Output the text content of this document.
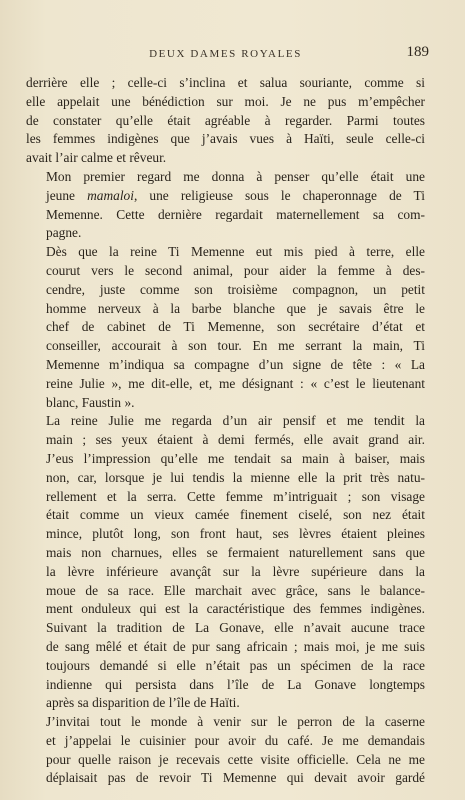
DEUX DAMES ROYALES	189

derrière elle ; celle-ci s’inclina et salua souriante, comme si
elle appelait une bénédiction sur moi. Je ne pus m’empêcher
de constater qu’elle était agréable à regarder. Parmi toutes
les femmes indigènes que j’avais vues à Haïti, seule celle-ci
avait l’air calme et rêveur.

Mon premier regard me donna à penser qu’elle était une
jeune mamaloi, une religieuse sous le chaperonnage de Ti
Memenne. Cette dernière regardait maternellement sa com-
pagne.

Dès que la reine Ti Memenne eut mis pied à terre, elle
courut vers le second animal, pour aider la femme à des-
cendre, juste comme son troisième compagnon, un petit
homme nerveux à la barbe blanche que je savais être le
chef de cabinet de Ti Memenne, son secrétaire d’état et
conseiller, accourait à son tour. En me serrant la main, Ti
Memenne m’indiqua sa compagne d’un signe de tête : « La
reine Julie », me dit-elle, et, me désignant : « c’est le lieutenant
blanc, Faustin ».

La reine Julie me regarda d’un air pensif et me tendit la
main ; ses yeux étaient à demi fermés, elle avait grand air.
J’eus l’impression qu’elle me tendait sa main à baiser, mais
non, car, lorsque je lui tendis la mienne elle la prit très natu-
rellement et la serra. Cette femme m’intriguait ; son visage
était comme un vieux camée finement ciselé, son nez était
mince, plutôt long, son front haut, ses lèvres étaient pleines
mais non charnues, elles se fermaient naturellement sans que
la lèvre inférieure avançât sur la lèvre supérieure dans la
moue de sa race. Elle marchait avec grâce, sans le balance-
ment onduleux qui est la caractéristique des femmes indigènes.
Suivant la tradition de La Gonave, elle n’avait aucune trace
de sang mêlé et était de pur sang africain ; mais moi, je me suis
toujours demandé si elle n’était pas un spécimen de la race
indienne qui persista dans l’île de La Gonave longtemps
après sa disparition de l’île de Haïti.

J’invitai tout le monde à venir sur le perron de la caserne
et j’appelai le cuisinier pour avoir du café. Je me demandais
pour quelle raison je recevais cette visite officielle. Cela ne me
déplaisait pas de revoir Ti Memenne qui devait avoir gardé
